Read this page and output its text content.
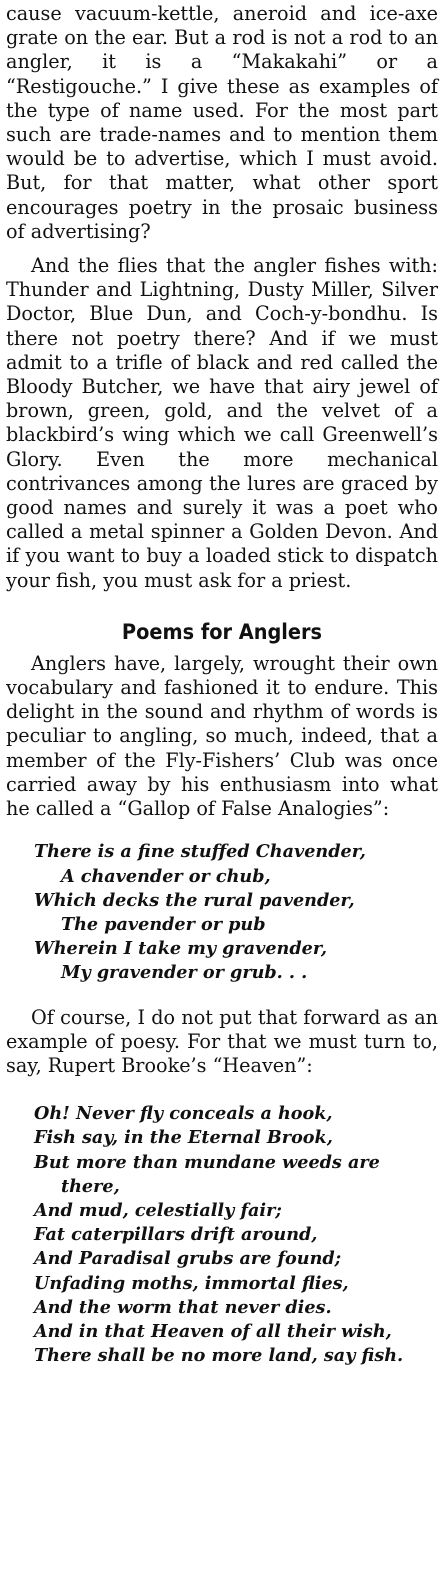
cause vacuum-kettle, aneroid and ice-axe grate on the ear. But a rod is not a rod to an angler, it is a “Makakahi” or a “Restigouche.” I give these as examples of the type of name used. For the most part such are trade-names and to mention them would be to advertise, which I must avoid. But, for that matter, what other sport encourages poetry in the prosaic business of advertising?

And the flies that the angler fishes with: Thunder and Lightning, Dusty Miller, Silver Doctor, Blue Dun, and Coch-y-bondhu. Is there not poetry there? And if we must admit to a trifle of black and red called the Bloody Butcher, we have that airy jewel of brown, green, gold, and the velvet of a blackbird’s wing which we call Greenwell’s Glory. Even the more mechanical contrivances among the lures are graced by good names and surely it was a poet who called a metal spinner a Golden Devon. And if you want to buy a loaded stick to dispatch your fish, you must ask for a priest.

Poems for Anglers

Anglers have, largely, wrought their own vocabulary and fashioned it to endure. This delight in the sound and rhythm of words is peculiar to angling, so much, indeed, that a member of the Fly-Fishers’ Club was once carried away by his enthusiasm into what he called a “Gallop of False Analogies”:

There is a fine stuffed Chavender,
A chavender or chub,
Which decks the rural pavender,
The pavender or pub
Wherein I take my gravender,
My gravender or grub. . .

Of course, I do not put that forward as an example of poesy. For that we must turn to, say, Rupert Brooke’s “Heaven”:

Oh! Never fly conceals a hook,
Fish say, in the Eternal Brook,
But more than mundane weeds are
there,
And mud, celestially fair;
Fat caterpillars drift around,
And Paradisal grubs are found;
Unfading moths, immortal flies,
And the worm that never dies.
And in that Heaven of all their wish,
There shall be no more land, say fish.
